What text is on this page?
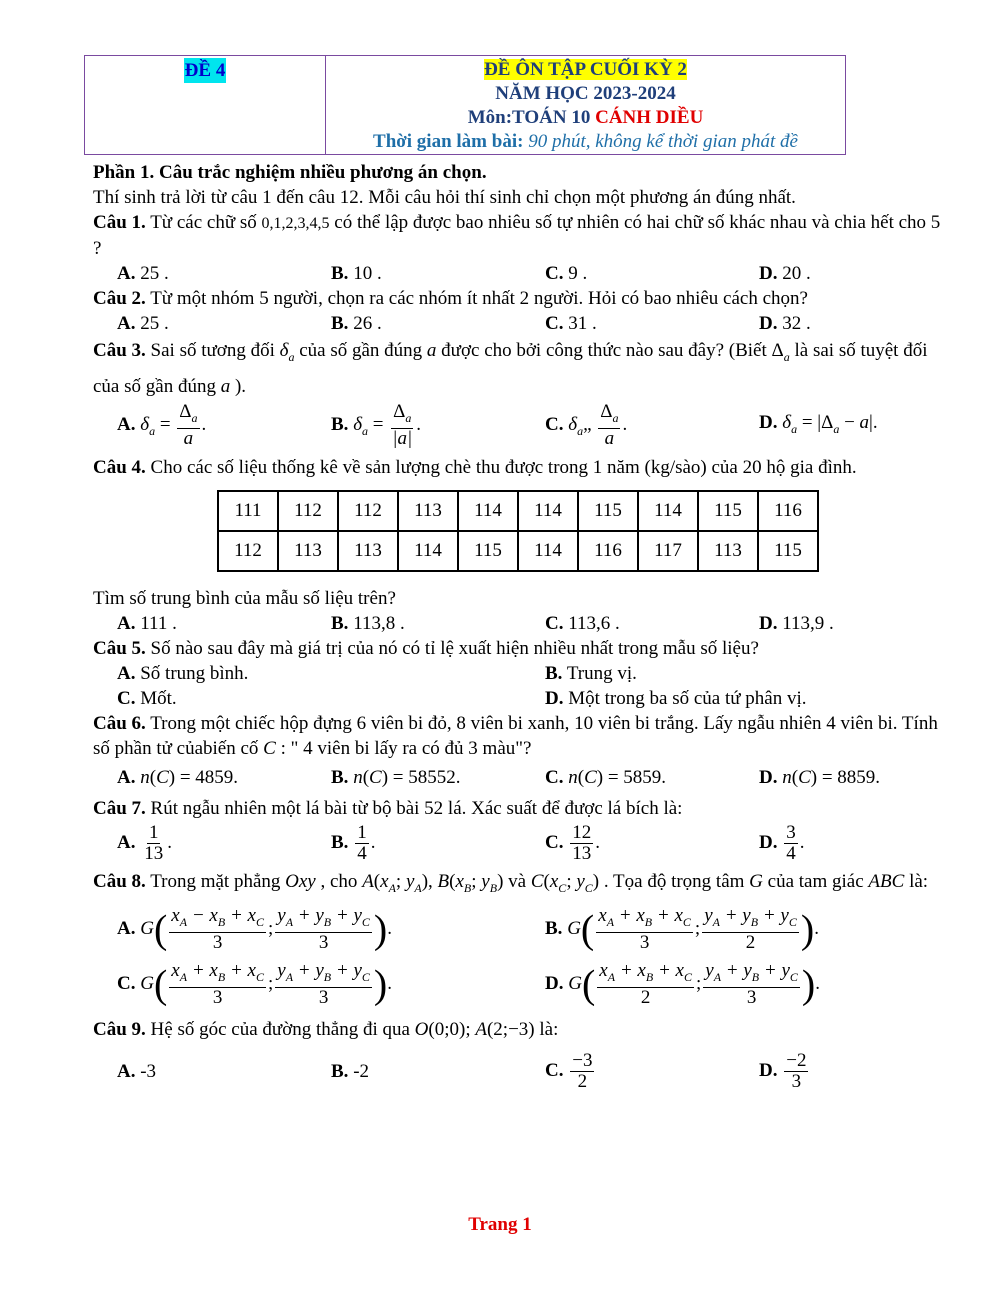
ĐỀ 4	ĐỀ ÔN TẬP CUỐI KỲ 2
NĂM HỌC 2023-2024
Môn:TOÁN 10 CÁNH DIỀU
Thời gian làm bài: 90 phút, không kể thời gian phát đề

Phần 1. Câu trắc nghiệm nhiều phương án chọn.

Thí sinh trả lời từ câu 1 đến câu 12. Mỗi câu hỏi thí sinh chỉ chọn một phương án đúng nhất.

Câu 1. Từ các chữ số 0,1,2,3,4,5 có thể lập được bao nhiêu số tự nhiên có hai chữ số khác nhau và chia hết cho 5 ?

A. 25 .	B. 10 .	C. 9 .	D. 20 .

Câu 2. Từ một nhóm 5 người, chọn ra các nhóm ít nhất 2 người. Hỏi có bao nhiêu cách chọn?

A. 25 .	B. 26 .	C. 31 .	D. 32 .

Câu 3. Sai số tương đối $\delta_a$ của số gần đúng a được cho bởi công thức nào sau đây? (Biết $\Delta_a$ là sai số tuyệt đối của số gần đúng a ).

A. $\delta_a = \frac{\Delta_a}{a}$ .	B. $\delta_a = \frac{\Delta_a}{|a|}$ .	C. $\delta_a„ \frac{\Delta_a}{a}$ .	D. $\delta_a = |\Delta_a - a|$.

Câu 4. Cho các số liệu thống kê về sản lượng chè thu được trong 1 năm (kg/sào) của 20 hộ gia đình.

111	112	112	113	114	114	115	114	115	116
112	113	113	114	115	114	116	117	113	115

Tìm số trung bình của mẫu số liệu trên?

A. 111 .	B. 113,8 .	C. 113,6 .	D. 113,9 .

Câu 5. Số nào sau đây mà giá trị của nó có tỉ lệ xuất hiện nhiều nhất trong mẫu số liệu?

A. Số trung bình.	B. Trung vị.
C. Mốt.	D. Một trong ba số của tứ phân vị.

Câu 6. Trong một chiếc hộp đựng 6 viên bi đỏ, 8 viên bi xanh, 10 viên bi trắng. Lấy ngẫu nhiên 4 viên bi. Tính số phần tử củabiến cố C : " 4 viên bi lấy ra có đủ 3 màu"?

A. n(C) = 4859.	B. n(C) = 58552.	C. n(C) = 5859.	D. n(C) = 8859.

Câu 7. Rút ngẫu nhiên một lá bài từ bộ bài 52 lá. Xác suất để được lá bích là:

A. $\frac{1}{13}$ .	B. $\frac{1}{4}$ .	C. $\frac{12}{13}$ .	D. $\frac{3}{4}$ .

Câu 8. Trong mặt phẳng Oxy , cho $A(x_A$; $y_A$), $B(x_B$; $y_B$) và $C(x_C$; $y_C$) . Tọa độ trọng tâm G của tam giác ABC là:

A. $G( \frac{x_A - x_B + x_C}{3}$ ; $\frac{y_A + y_B + y_C}{3}$ ).	B. $G( \frac{x_A + x_B + x_C}{3}$ ; $\frac{y_A + y_B + y_C}{2}$ ).
C. $G( \frac{x_A + x_B + x_C}{3}$ ; $\frac{y_A + y_B + y_C}{3}$ ).	D. $G( \frac{x_A + x_B + x_C}{2}$ ; $\frac{y_A + y_B + y_C}{3}$ ).

Câu 9. Hệ số góc của đường thẳng đi qua O(0;0); A(2;−3) là:

A. -3	B. -2	C. $\frac{-3}{2}$	D. $\frac{-2}{3}$
Trang 1
